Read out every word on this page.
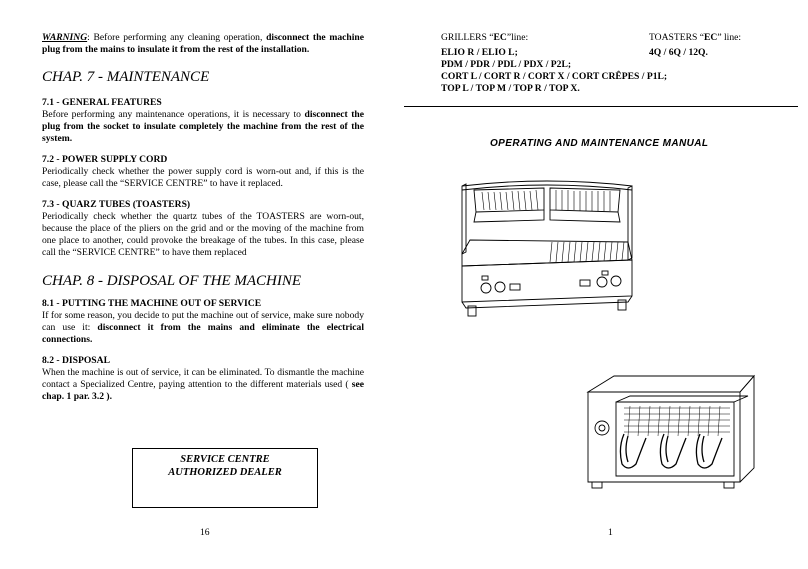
WARNING: Before performing any cleaning operation, disconnect the machine plug from the mains to insulate it from the rest of the installation.
CHAP. 7 - MAINTENANCE
7.1 - GENERAL FEATURES
Before performing any maintenance operations, it is necessary to disconnect the plug from the socket to insulate completely the machine from the rest of the system.
7.2 - POWER SUPPLY CORD
Periodically check whether the power supply cord is worn-out and, if this is the case, please call the “SERVICE CENTRE” to have it replaced.
7.3 - QUARZ TUBES (TOASTERS)
Periodically check whether the quartz tubes of the TOASTERS are worn-out, because the place of the pliers on the grid and or the moving of the machine from one place to another, could provoke the breakage of the tubes. In this case, please call the “SERVICE CENTRE” to have them replaced
CHAP. 8 - DISPOSAL OF THE MACHINE
8.1 - PUTTING THE MACHINE OUT OF SERVICE
If for some reason, you decide to put the machine out of service, make sure nobody can use it: disconnect it from the mains and eliminate the electrical connections.
8.2 - DISPOSAL
When the machine is out of service, it can be eliminated. To dismantle the machine contact a Specialized Centre, paying attention to the different materials used ( see chap. 1 par. 3.2 ).
SERVICE CENTRE
AUTHORIZED DEALER
16
GRILLERS “EC”line:	TOASTERS “EC” line:
ELIO R / ELIO L;
PDM / PDR / PDL / PDX / P2L;
CORT L / CORT R / CORT X / CORT CRÊPES / P1L;
TOP L / TOP M / TOP R / TOP X.
4Q / 6Q / 12Q.
OPERATING AND MAINTENANCE MANUAL
1
